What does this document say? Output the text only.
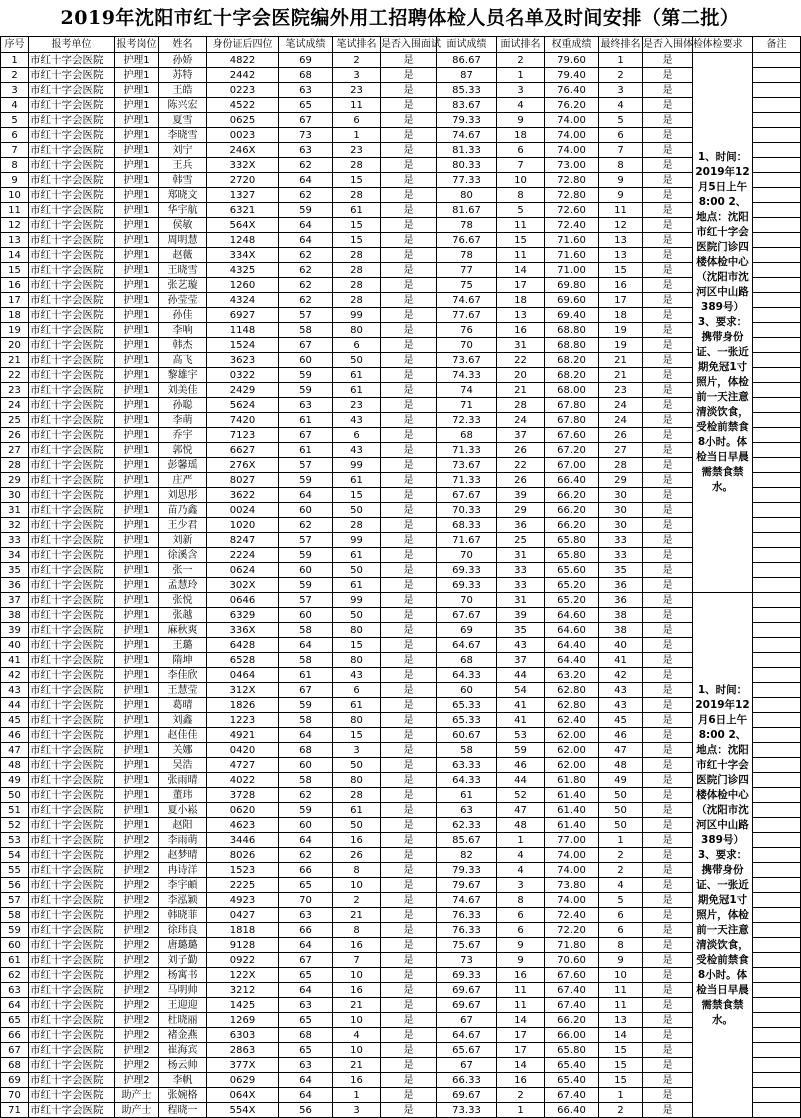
2019年沈阳市红十字会医院编外用工招聘体检人员名单及时间安排（第二批）
序号	报考单位	报考岗位	姓名	身份证后四位	笔试成绩	笔试排名	是否入围面试	面试成绩	面试排名	权重成绩	最终排名	是否入围体检	体检要求	备注
1	市红十字会医院	护理1	孙娇	4822	69	2	是	86.67	2	79.60	1	是	1、时间：2019年12月5日上午8:00 2、地点：沈阳市红十字会医院门诊四楼体检中心（沈阳市沈河区中山路389号） 3、要求：携带身份证、一张近期免冠1寸照片，体检前一天注意清淡饮食，受检前禁食8小时。体检当日早晨需禁食禁水。	
2	市红十字会医院	护理1	苏特	2442	68	3	是	87	1	79.40	2	是		
3	市红十字会医院	护理1	王皓	0223	63	23	是	85.33	3	76.40	3	是		
4	市红十字会医院	护理1	陈兴宏	4522	65	11	是	83.67	4	76.20	4	是		
5	市红十字会医院	护理1	夏雪	0625	67	6	是	79.33	9	74.00	5	是		
6	市红十字会医院	护理1	李晓雪	0023	73	1	是	74.67	18	74.00	6	是		
7	市红十字会医院	护理1	刘宁	246X	63	23	是	81.33	6	74.00	7	是		
8	市红十字会医院	护理1	王兵	332X	62	28	是	80.33	7	73.00	8	是		
9	市红十字会医院	护理1	韩雪	2720	64	15	是	77.33	10	72.80	9	是		
10	市红十字会医院	护理1	郑晓文	1327	62	28	是	80	8	72.80	9	是		
11	市红十字会医院	护理1	华宇航	6321	59	61	是	81.67	5	72.60	11	是		
12	市红十字会医院	护理1	侯敏	564X	64	15	是	78	11	72.40	12	是		
13	市红十字会医院	护理1	周明慧	1248	64	15	是	76.67	15	71.60	13	是		
14	市红十字会医院	护理1	赵薇	334X	62	28	是	78	11	71.60	13	是		
15	市红十字会医院	护理1	王晓雪	4325	62	28	是	77	14	71.00	15	是		
16	市红十字会医院	护理1	张艺璇	1260	62	28	是	75	17	69.80	16	是		
17	市红十字会医院	护理1	孙莹莹	4324	62	28	是	74.67	18	69.60	17	是		
18	市红十字会医院	护理1	孙佳	6927	57	99	是	77.67	13	69.40	18	是		
19	市红十字会医院	护理1	李响	1148	58	80	是	76	16	68.80	19	是		
20	市红十字会医院	护理1	韩杰	1524	67	6	是	70	31	68.80	19	是		
21	市红十字会医院	护理1	高飞	3623	60	50	是	73.67	22	68.20	21	是		
22	市红十字会医院	护理1	黎雄宇	0322	59	61	是	74.33	20	68.20	21	是		
23	市红十字会医院	护理1	刘美佳	2429	59	61	是	74	21	68.00	23	是		
24	市红十字会医院	护理1	孙聪	5624	63	23	是	71	28	67.80	24	是		
25	市红十字会医院	护理1	李萌	7420	61	43	是	72.33	24	67.80	24	是		
26	市红十字会医院	护理1	乔宇	7123	67	6	是	68	37	67.60	26	是		
27	市红十字会医院	护理1	郭悦	6627	61	43	是	71.33	26	67.20	27	是		
28	市红十字会医院	护理1	彭馨瑶	276X	57	99	是	73.67	22	67.00	28	是		
29	市红十字会医院	护理1	庄严	8027	59	61	是	71.33	26	66.40	29	是		
30	市红十字会医院	护理1	刘思彤	3622	64	15	是	67.67	39	66.20	30	是		
31	市红十字会医院	护理1	苗乃鑫	0024	60	50	是	70.33	29	66.20	30	是		
32	市红十字会医院	护理1	王少君	1020	62	28	是	68.33	36	66.20	30	是		
33	市红十字会医院	护理1	刘新	8247	57	99	是	71.67	25	65.80	33	是		
34	市红十字会医院	护理1	徐溪含	2224	59	61	是	70	31	65.80	33	是		
35	市红十字会医院	护理1	张一	0624	60	50	是	69.33	33	65.60	35	是		
36	市红十字会医院	护理1	孟慧玲	302X	59	61	是	69.33	33	65.20	36	是		
37	市红十字会医院	护理1	张悦	0646	57	99	是	70	31	65.20	36	是	1、时间：2019年12月6日上午8:00 2、地点：沈阳市红十字会医院门诊四楼体检中心（沈阳市沈河区中山路389号） 3、要求：携带身份证、一张近期免冠1寸照片，体检前一天注意清淡饮食，受检前禁食8小时。体检当日早晨需禁食禁水。	
38	市红十字会医院	护理1	张越	6329	60	50	是	67.67	39	64.60	38	是		
39	市红十字会医院	护理1	麻秋爽	336X	58	80	是	69	35	64.60	38	是		
40	市红十字会医院	护理1	王璐	6428	64	15	是	64.67	43	64.40	40	是		
41	市红十字会医院	护理1	隋坤	6528	58	80	是	68	37	64.40	41	是		
42	市红十字会医院	护理1	李佳欣	0464	61	43	是	64.33	44	63.20	42	是		
43	市红十字会医院	护理1	王慧莹	312X	67	6	是	60	54	62.80	43	是		
44	市红十字会医院	护理1	葛晴	1826	59	61	是	65.33	41	62.80	43	是		
45	市红十字会医院	护理1	刘鑫	1223	58	80	是	65.33	41	62.40	45	是		
46	市红十字会医院	护理1	赵佳佳	4921	64	15	是	60.67	53	62.00	46	是		
47	市红十字会医院	护理1	关娜	0420	68	3	是	58	59	62.00	47	是		
48	市红十字会医院	护理1	吴浩	4727	60	50	是	63.33	46	62.00	48	是		
49	市红十字会医院	护理1	张雨晴	4022	58	80	是	64.33	44	61.80	49	是		
50	市红十字会医院	护理1	董玮	3728	62	28	是	61	52	61.40	50	是		
51	市红十字会医院	护理1	夏小崧	0620	59	61	是	63	47	61.40	50	是		
52	市红十字会医院	护理1	赵阳	4623	60	50	是	62.33	48	61.40	50	是		
53	市红十字会医院	护理2	李雨萌	3446	64	16	是	85.67	1	77.00	1	是		
54	市红十字会医院	护理2	赵梦晴	8026	62	26	是	82	4	74.00	2	是		
55	市红十字会医院	护理2	冉诗洋	1523	66	8	是	79.33	4	74.00	2	是		
56	市红十字会医院	护理2	李宇頔	2225	65	10	是	79.67	3	73.80	4	是		
57	市红十字会医院	护理2	李泓颖	4923	70	2	是	74.67	8	74.00	5	是		
58	市红十字会医院	护理2	韩晓菲	0427	63	21	是	76.33	6	72.40	6	是		
59	市红十字会医院	护理2	徐玮良	1818	66	8	是	76.33	6	72.20	6	是		
60	市红十字会医院	护理2	唐璐璐	9128	64	16	是	75.67	9	71.80	8	是		
61	市红十字会医院	护理2	刘子勤	0922	67	7	是	73	9	70.60	9	是		
62	市红十字会医院	护理2	杨寓书	122X	65	10	是	69.33	16	67.60	10	是		
63	市红十字会医院	护理2	马明帅	3212	64	16	是	69.67	11	67.40	11	是		
64	市红十字会医院	护理2	王迎迎	1425	63	21	是	69.67	11	67.40	11	是		
65	市红十字会医院	护理2	杜晓丽	1269	65	10	是	67	14	66.20	13	是		
66	市红十字会医院	护理2	褚金燕	6303	68	4	是	64.67	17	66.00	14	是		
67	市红十字会医院	护理2	崔海宾	2863	65	10	是	65.67	17	65.80	15	是		
68	市红十字会医院	护理2	杨云帅	377X	63	21	是	67	14	65.40	15	是		
69	市红十字会医院	护理2	李帆	0629	64	16	是	66.33	16	65.40	15	是		
70	市红十字会医院	助产士	张婉格	064X	64	1	是	69.67	2	67.40	1	是		
71	市红十字会医院	助产士	程晓一	554X	56	3	是	73.33	1	66.40	2	是		
